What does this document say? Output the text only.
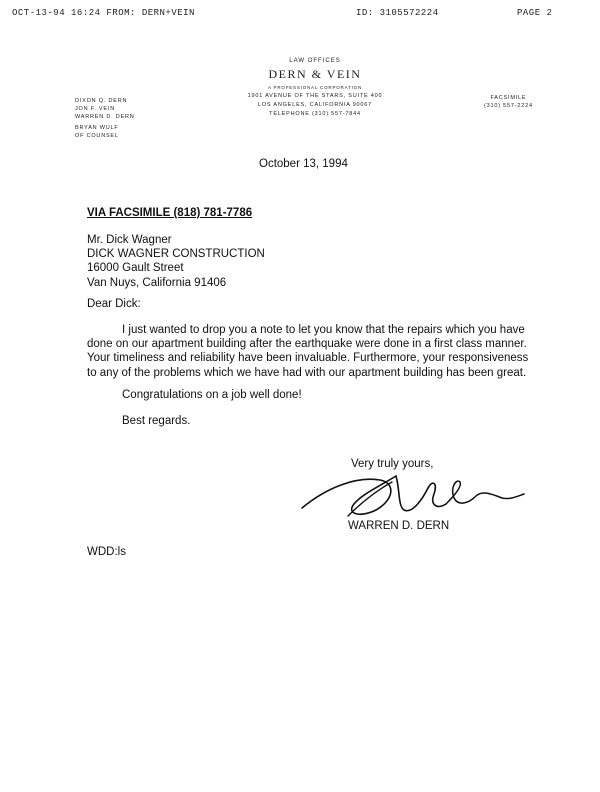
OCT-13-94 16:24 FROM: DERN+VEIN	ID: 3105572224	PAGE 2
LAW OFFICES
DERN & VEIN
A PROFESSIONAL CORPORATION
1901 AVENUE OF THE STARS, SUITE 400
LOS ANGELES, CALIFORNIA 90067
TELEPHONE (310) 557-7844
DIXON Q. DERN
JON F. VEIN
WARREN D. DERN
BRYAN WULF
OF COUNSEL
FACSIMILE
(310) 557-2224
October 13, 1994
VIA FACSIMILE (818) 781-7786
Mr. Dick Wagner
DICK WAGNER CONSTRUCTION
16000 Gault Street
Van Nuys, California 91406
Dear Dick:
I just wanted to drop you a note to let you know that the repairs which you have
done on our apartment building after the earthquake were done in a first class manner.
Your timeliness and reliability have been invaluable. Furthermore, your responsiveness
to any of the problems which we have had with our apartment building has been great.
Congratulations on a job well done!
Best regards.
Very truly yours,
WARREN D. DERN
WDD:ls
